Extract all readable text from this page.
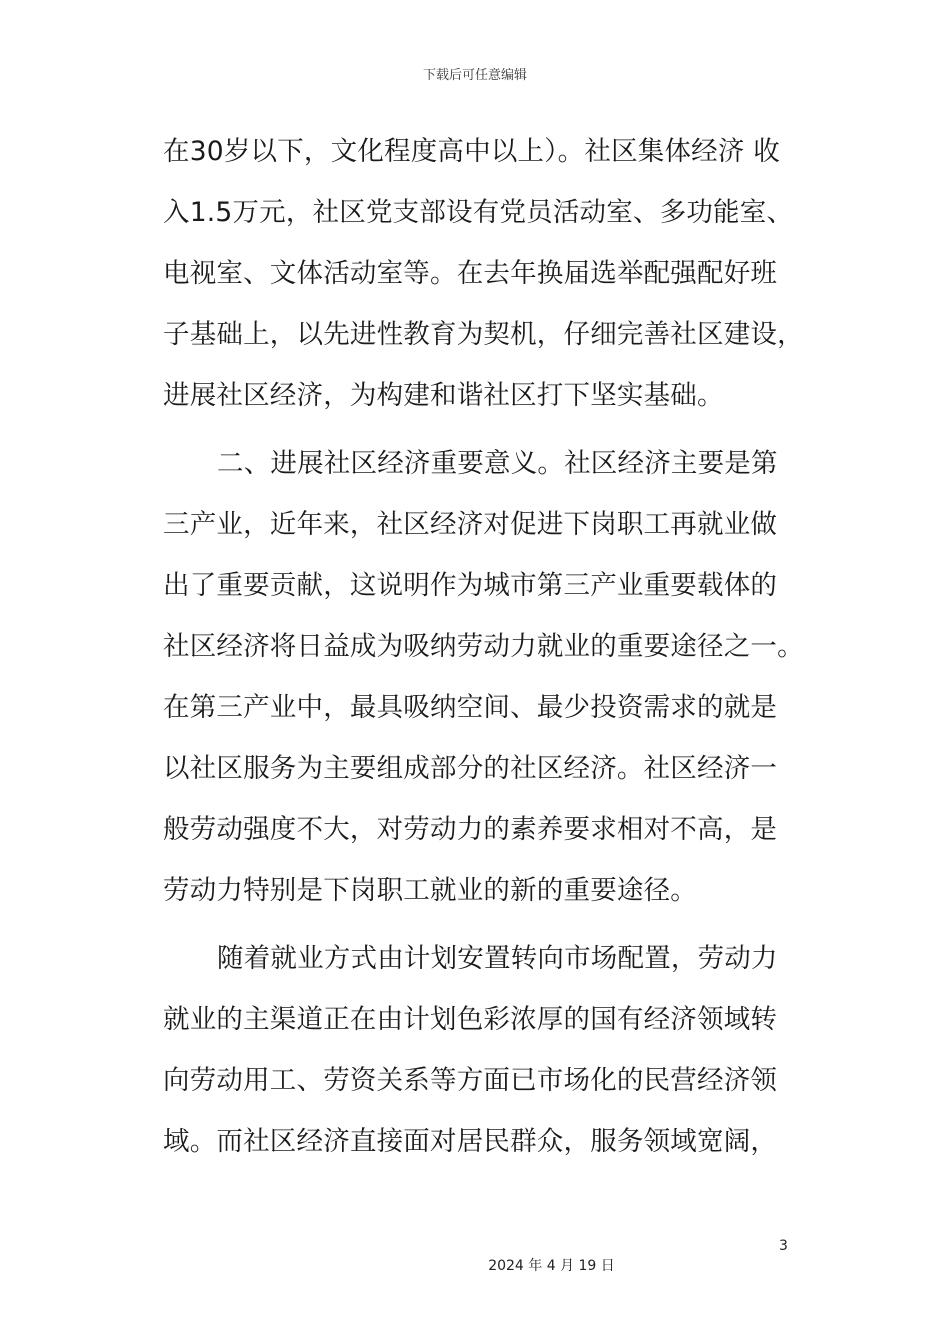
下载后可任意编辑
在30岁以下，文化程度高中以上）。社区集体经济 收
入1.5万元，社区党支部设有党员活动室、多功能室、
电视室、文体活动室等。在去年换届选举配强配好班
子基础上，以先进性教育为契机，仔细完善社区建设，
进展社区经济，为构建和谐社区打下坚实基础。
二、进展社区经济重要意义。社区经济主要是第
三产业，近年来，社区经济对促进下岗职工再就业做
出了重要贡献，这说明作为城市第三产业重要载体的
社区经济将日益成为吸纳劳动力就业的重要途径之一。
在第三产业中，最具吸纳空间、最少投资需求的就是
以社区服务为主要组成部分的社区经济。社区经济一
般劳动强度不大，对劳动力的素养要求相对不高，是
劳动力特别是下岗职工就业的新的重要途径。
随着就业方式由计划安置转向市场配置，劳动力
就业的主渠道正在由计划色彩浓厚的国有经济领域转
向劳动用工、劳资关系等方面已市场化的民营经济领
域。而社区经济直接面对居民群众，服务领域宽阔，
3
2024 年 4 月 19 日
